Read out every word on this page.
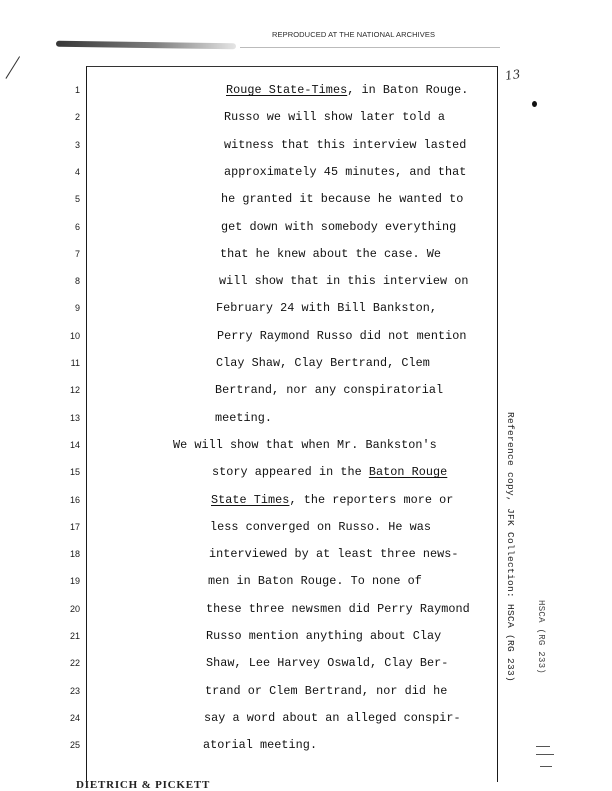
REPRODUCED AT THE NATIONAL ARCHIVES
13
1
2
3
4
5
6
7
8
9
10
11
12
13
14
15
16
17
18
19
20
21
22
23
24
25
Rouge State-Times, in Baton Rouge.
Russo we will show later told a
witness that this interview lasted
approximately 45 minutes, and that
he granted it because he wanted to
get down with somebody everything
that he knew about the case. We
will show that in this interview on
February 24 with Bill Bankston,
Perry Raymond Russo did not mention
Clay Shaw, Clay Bertrand, Clem
Bertrand, nor any conspiratorial
meeting.
We will show that when Mr. Bankston's
story appeared in the Baton Rouge
State Times, the reporters more or
less converged on Russo. He was
interviewed by at least three news-
men in Baton Rouge. To none of
these three newsmen did Perry Raymond
Russo mention anything about Clay
Shaw, Lee Harvey Oswald, Clay Ber-
trand or Clem Bertrand, nor did he
say a word about an alleged conspir-
atorial meeting.
Reference copy, JFK Collection: HSCA (RG 233) HSCA (RG 233)
DIETRICH & PICKETT
